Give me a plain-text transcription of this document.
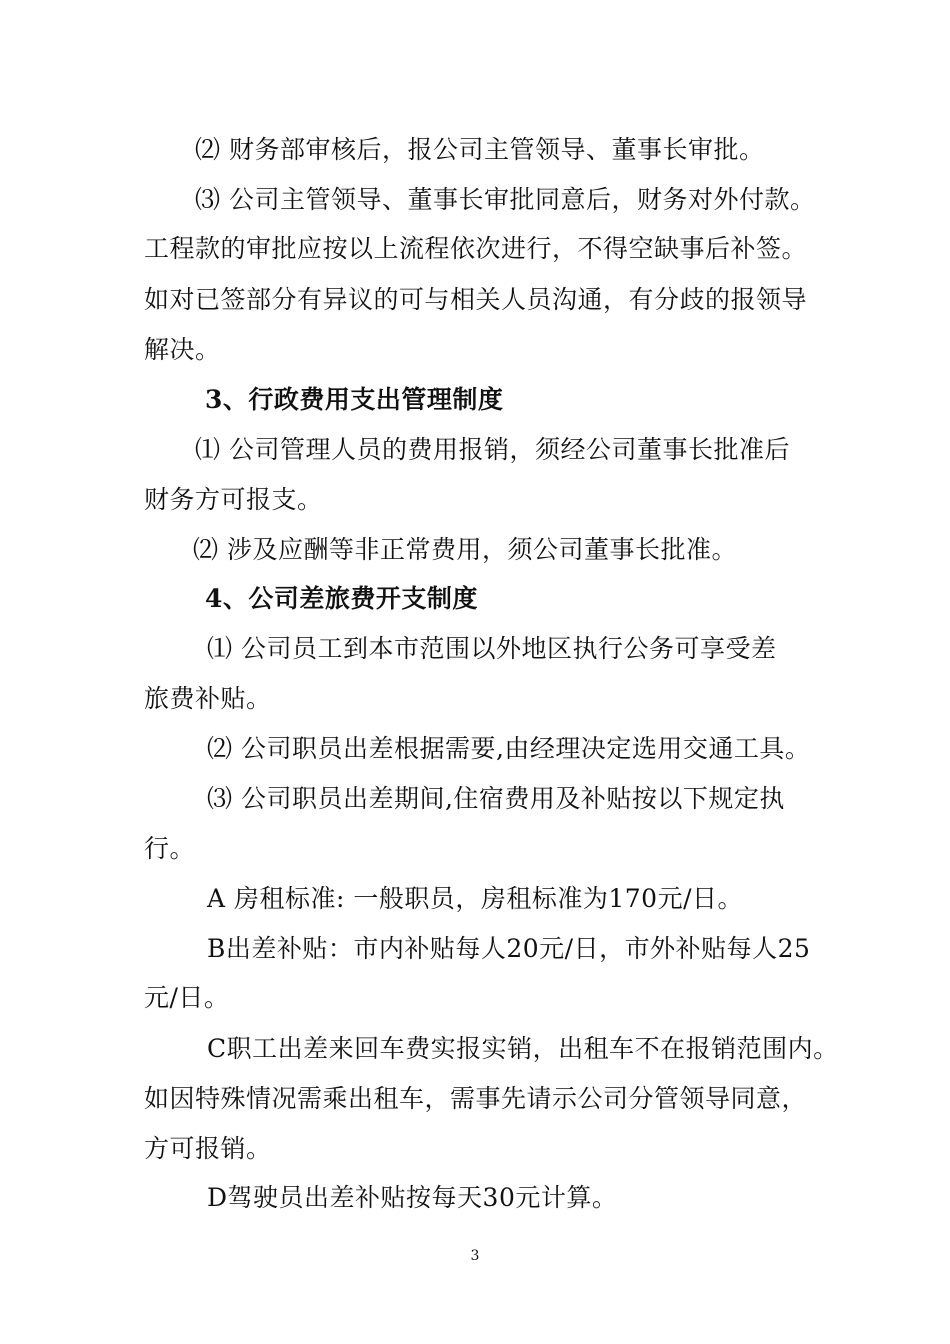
⑵ 财务部审核后，报公司主管领导、董事长审批。
⑶ 公司主管领导、董事长审批同意后，财务对外付款。
工程款的审批应按以上流程依次进行，不得空缺事后补签。
如对已签部分有异议的可与相关人员沟通，有分歧的报领导
解决。
3、行政费用支出管理制度
⑴ 公司管理人员的费用报销，须经公司董事长批准后
财务方可报支。
⑵ 涉及应酬等非正常费用，须公司董事长批准。
4、公司差旅费开支制度
⑴ 公司员工到本市范围以外地区执行公务可享受差
旅费补贴。
⑵ 公司职员出差根据需要,由经理决定选用交通工具。
⑶ 公司职员出差期间,住宿费用及补贴按以下规定执
行。
A 房租标准: 一般职员，房租标准为170元/日。
B出差补贴：市内补贴每人20元/日，市外补贴每人25
元/日。
C职工出差来回车费实报实销，出租车不在报销范围内。
如因特殊情况需乘出租车，需事先请示公司分管领导同意，
方可报销。
D驾驶员出差补贴按每天30元计算。
3
